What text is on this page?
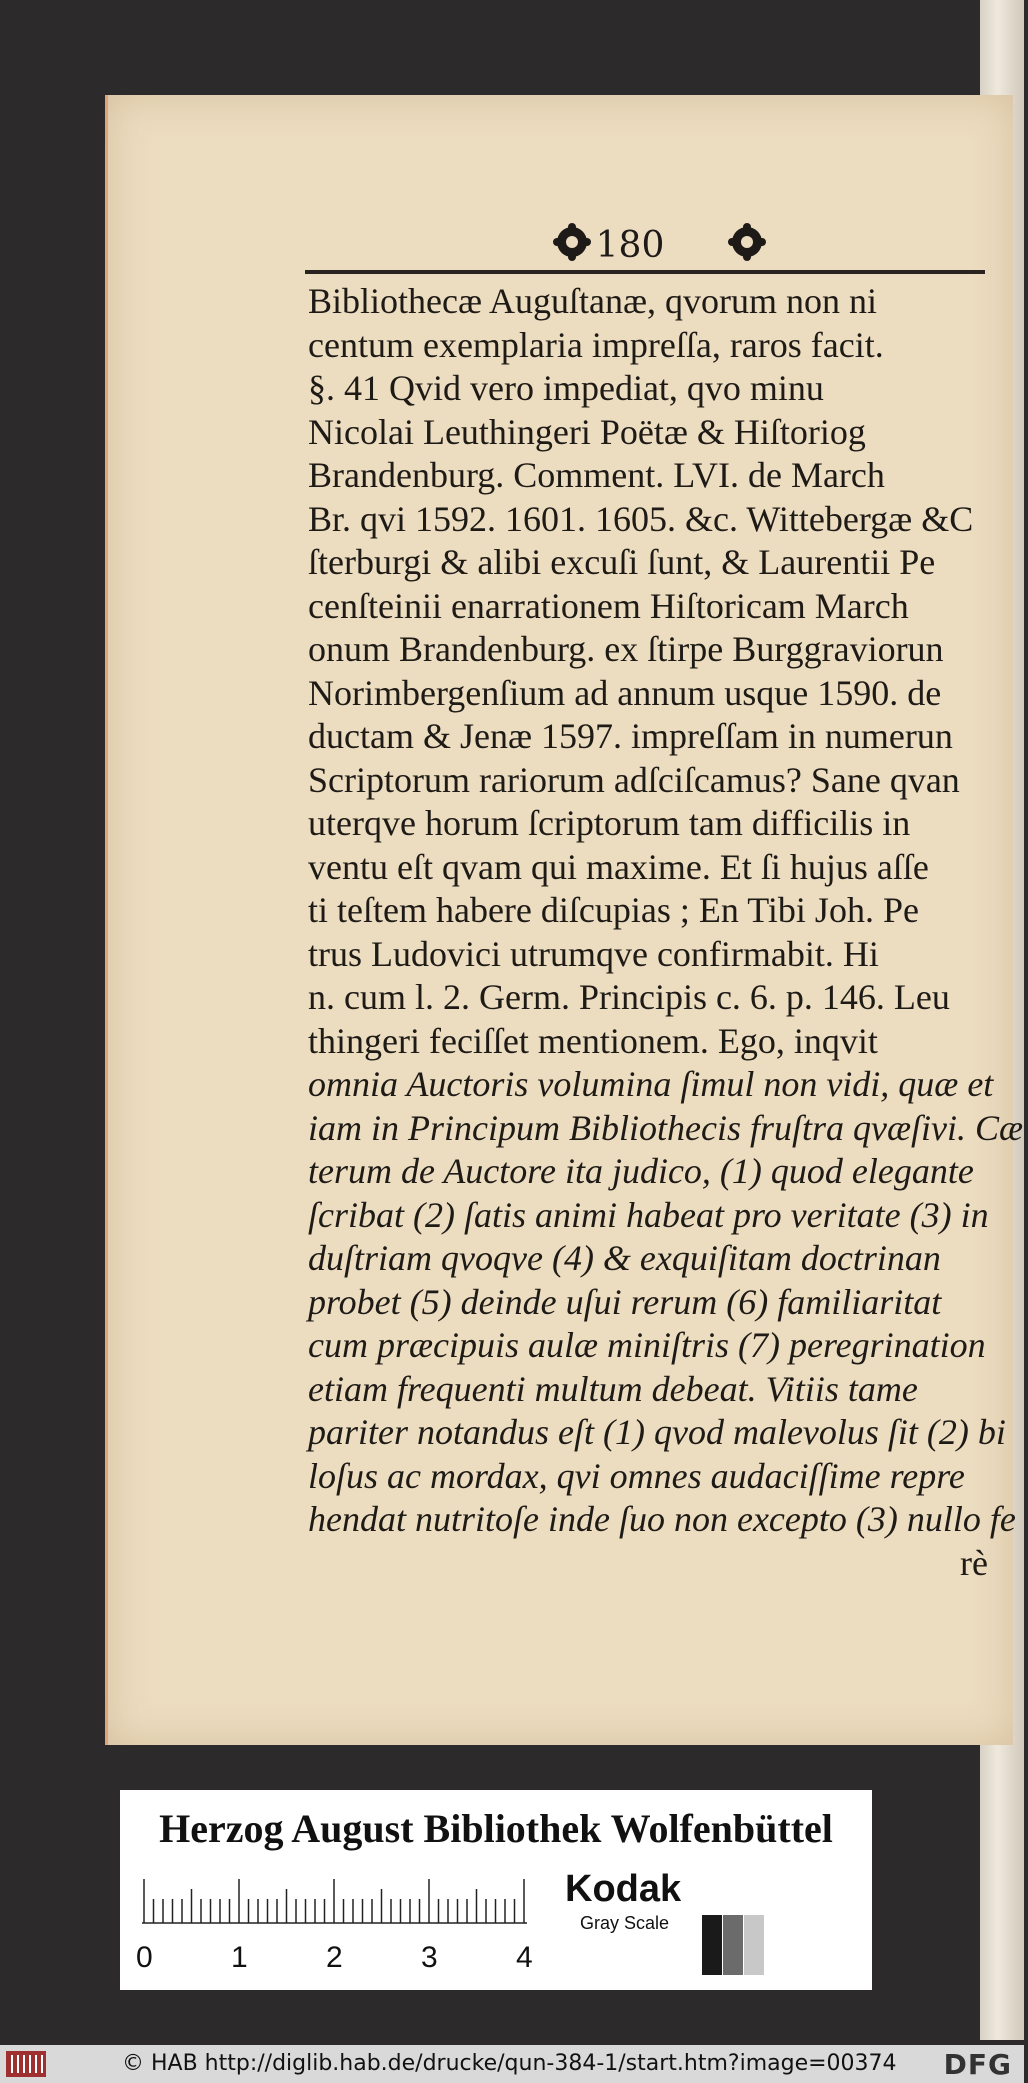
180
Bibliothecæ Auguſtanæ, qvorum non ni
centum exemplaria impreſſa, raros facit.
§. 41 Qvid vero impediat, qvo minu
Nicolai Leuthingeri Poëtæ & Hiſtoriog
Brandenburg. Comment. LVI. de March
Br. qvi 1592. 1601. 1605. &c. Wittebergæ &C
ſterburgi & alibi excuſi ſunt, & Laurentii Pe
cenſteinii enarrationem Hiſtoricam March
onum Brandenburg. ex ſtirpe Burggraviorun
Norimbergenſium ad annum usque 1590. de
ductam & Jenæ 1597. impreſſam in numerun
Scriptorum rariorum adſciſcamus? Sane qvan
uterqve horum ſcriptorum tam difficilis in
ventu eſt qvam qui maxime. Et ſi hujus aſſe
ti teſtem habere diſcupias ; En Tibi Joh. Pe
trus Ludovici utrumqve confirmabit. Hi
n. cum l. 2. Germ. Principis c. 6. p. 146. Leu
thingeri feciſſet mentionem. Ego, inqvit
omnia Auctoris volumina ſimul non vidi, quæ et
iam in Principum Bibliothecis fruſtra qvæſivi. Cæ
terum de Auctore ita judico, (1) quod elegante
ſcribat (2) ſatis animi habeat pro veritate (3) in
duſtriam qvoqve (4) & exquiſitam doctrinan
probet (5) deinde uſui rerum (6) familiaritat
cum præcipuis aulæ miniſtris (7) peregrination
etiam frequenti multum debeat. Vitiis tame
pariter notandus eſt (1) qvod malevolus ſit (2) bi
loſus ac mordax, qvi omnes audaciſſime repre
hendat nutritoſe inde ſuo non excepto (3) nullo fe
rè
Herzog August Bibliothek Wolfenbüttel
0	1	2	3	4
Kodak
Gray Scale
© HAB http://diglib.hab.de/drucke/qun-384-1/start.htm?image=00374 DFG
